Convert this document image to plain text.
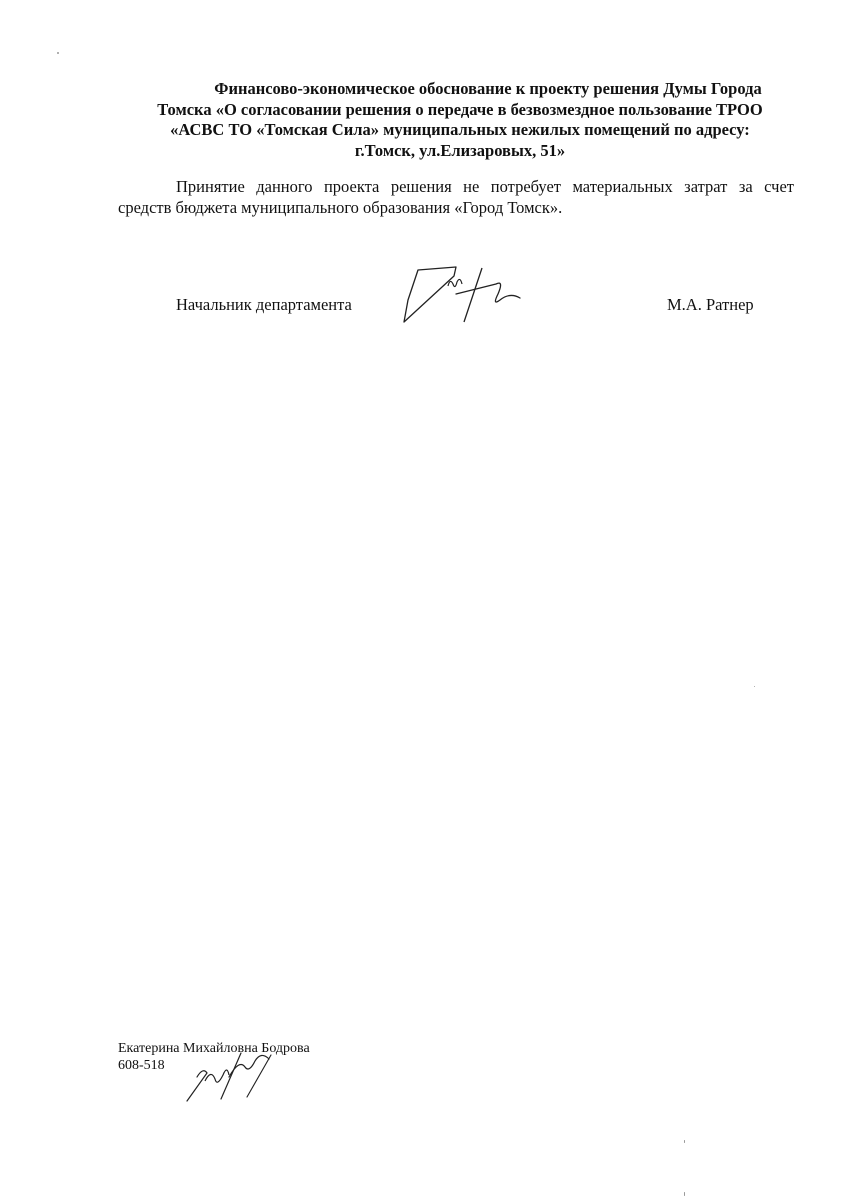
Финансово-экономическое обоснование к проекту решения Думы Города
Томска «О согласовании решения о передаче в безвозмездное пользование ТРОО
«АСВС ТО «Томская Сила» муниципальных нежилых помещений по адресу:
г.Томск, ул.Елизаровых, 51»
Принятие данного проекта решения не потребует материальных затрат за счет
средств бюджета муниципального образования «Город Томск».
Начальник департамента	М.А. Ратнер
Екатерина Михайловна Бодрова
608-518
